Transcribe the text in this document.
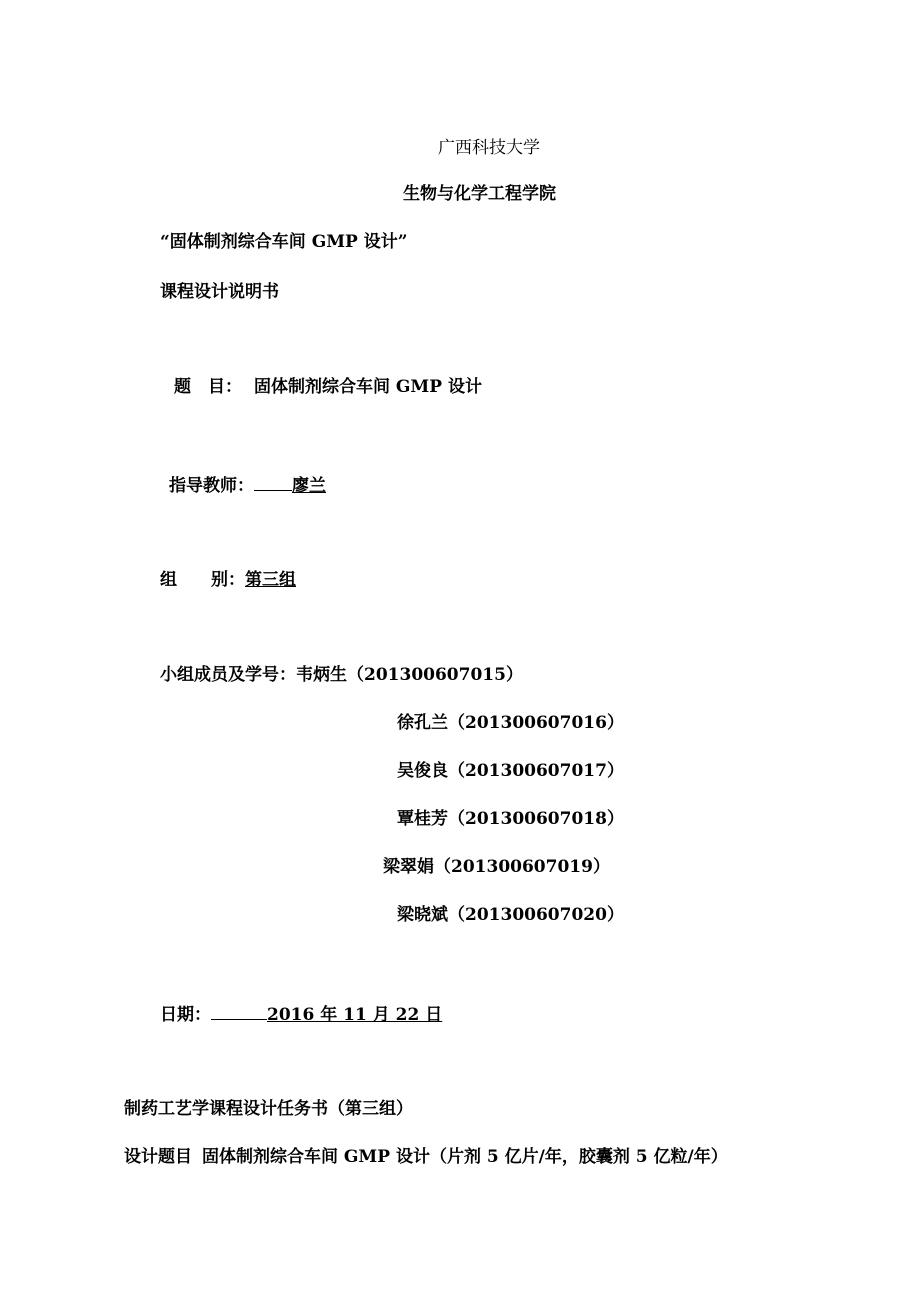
广西科技大学
生物与化学工程学院
“固体制剂综合车间 GMP 设计”
课程设计说明书
题　目： 固体制剂综合车间 GMP 设计
指导教师： 廖兰
组　　别：第三组
小组成员及学号：韦炳生（201300607015）
徐孔兰（201300607016）
吴俊良（201300607017）
覃桂芳（201300607018）
梁翠娟（201300607019）
梁晓斌（201300607020）
日期：	2016 年 11 月 22 日
制药工艺学课程设计任务书（第三组）
设计题目 固体制剂综合车间 GMP 设计（片剂 5 亿片/年，胶囊剂 5 亿粒/年）
